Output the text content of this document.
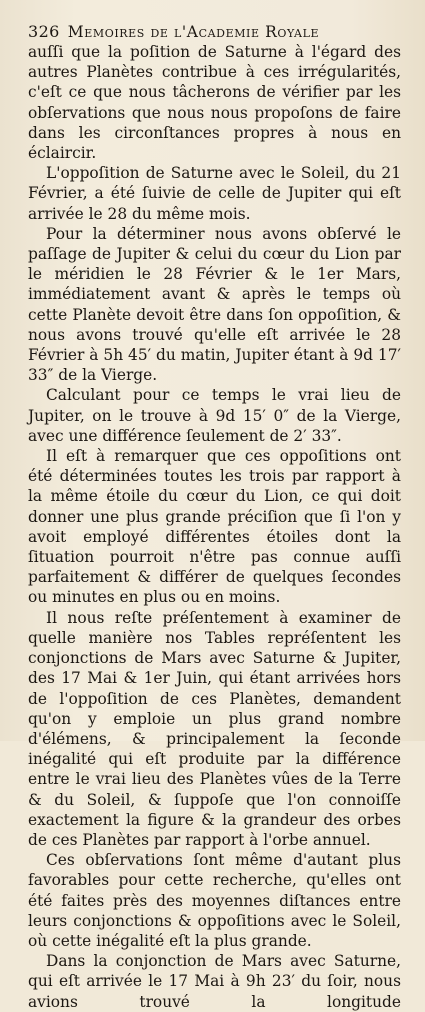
326 Memoires de l'Academie Royale

auſſi que la poſition de Saturne à l'égard des autres Planètes contribue à ces irrégularités, c'eſt ce que nous tâcherons de vérifier par les obſervations que nous nous propoſons de faire dans les circonſtances propres à nous en éclaircir.

L'oppoſition de Saturne avec le Soleil, du 21 Février, a été ſuivie de celle de Jupiter qui eſt arrivée le 28 du même mois.

Pour la déterminer nous avons obſervé le paſſage de Jupiter & celui du cœur du Lion par le méridien le 28 Février & le 1er Mars, immédiatement avant & après le temps où cette Planète devoit être dans ſon oppoſition, & nous avons trouvé qu'elle eſt arrivée le 28 Février à 5h 45′ du matin, Jupiter étant à 9d 17′ 33″ de la Vierge.

Calculant pour ce temps le vrai lieu de Jupiter, on le trouve à 9d 15′ 0″ de la Vierge, avec une différence ſeulement de 2′ 33″.

Il eſt à remarquer que ces oppoſitions ont été déterminées toutes les trois par rapport à la même étoile du cœur du Lion, ce qui doit donner une plus grande préciſion que ſi l'on y avoit employé différentes étoiles dont la ſituation pourroit n'être pas connue auſſi parfaitement & différer de quelques ſecondes ou minutes en plus ou en moins.

Il nous reſte préſentement à examiner de quelle manière nos Tables repréſentent les conjonctions de Mars avec Saturne & Jupiter, des 17 Mai & 1er Juin, qui étant arrivées hors de l'oppoſition de ces Planètes, demandent qu'on y emploie un plus grand nombre d'élémens, & principalement la ſeconde inégalité qui eſt produite par la différence entre le vrai lieu des Planètes vûes de la Terre & du Soleil, & ſuppoſe que l'on connoiſſe exactement la figure & la grandeur des orbes de ces Planètes par rapport à l'orbe annuel.

Ces obſervations ſont même d'autant plus favorables pour cette recherche, qu'elles ont été faites près des moyennes diſtances entre leurs conjonctions & oppoſitions avec le Soleil, où cette inégalité eſt la plus grande.

Dans la conjonction de Mars avec Saturne, qui eſt arrivée le 17 Mai à 9h 23′ du ſoir, nous avions trouvé la longitude
